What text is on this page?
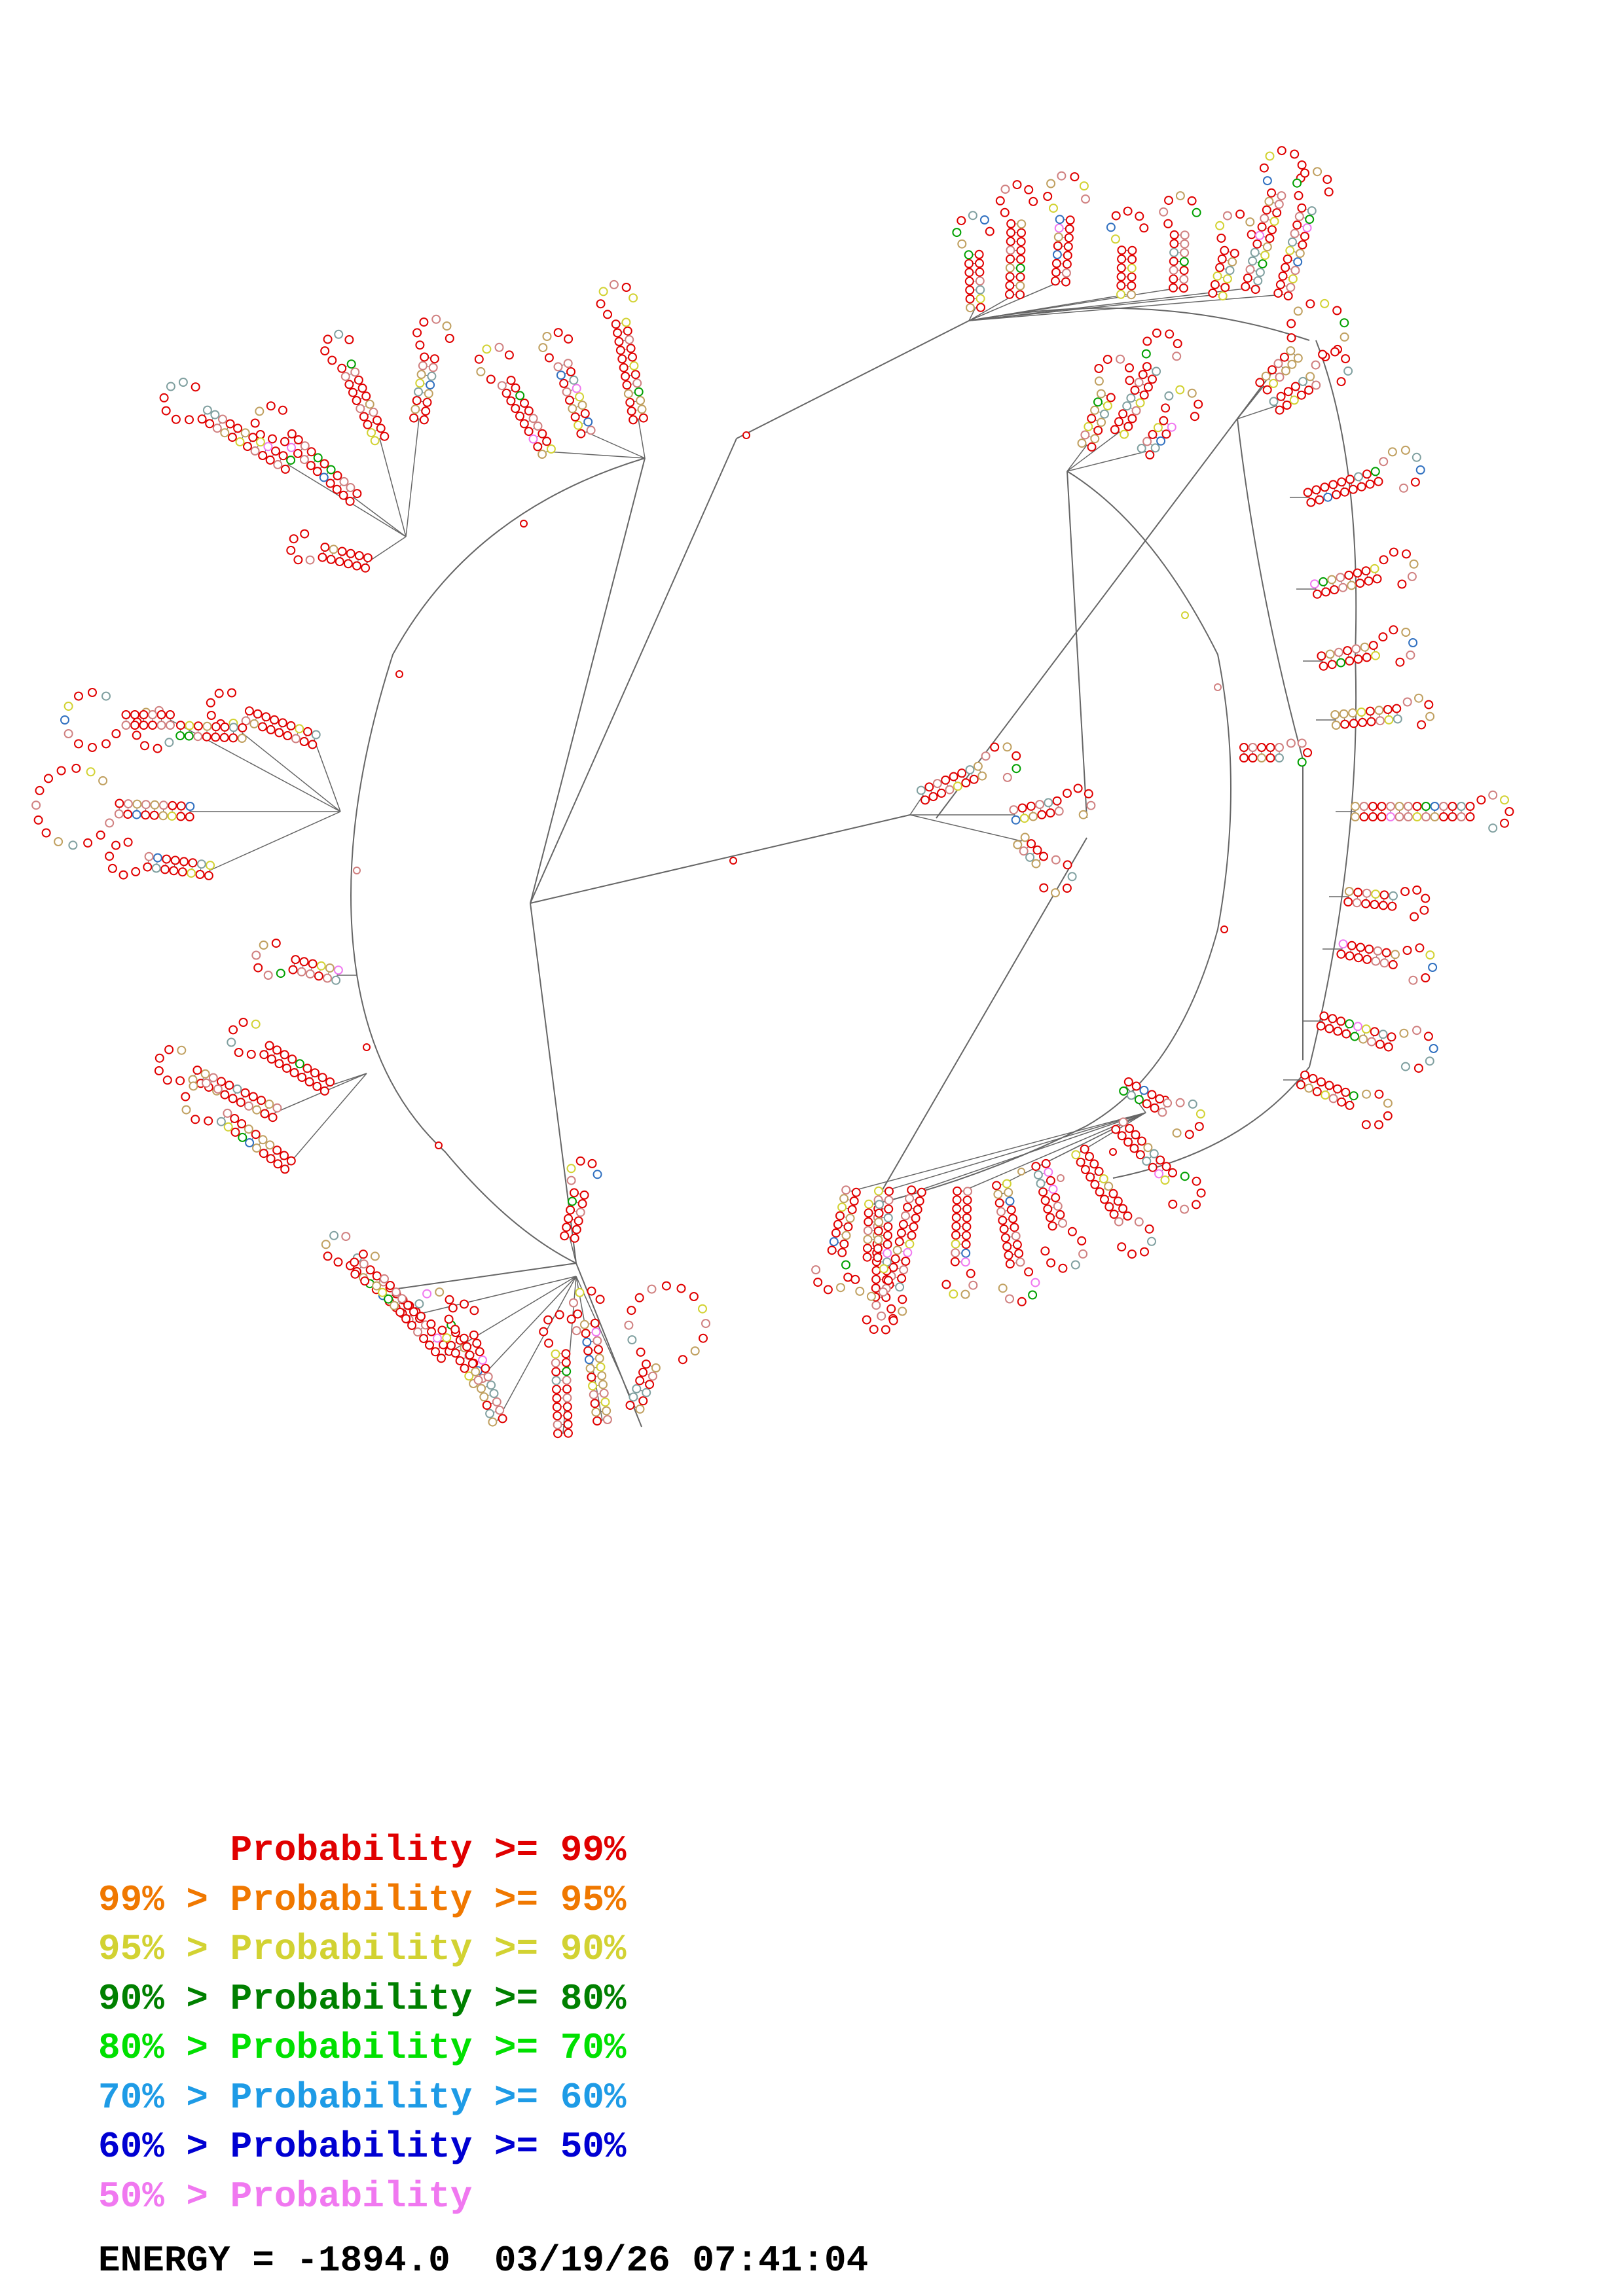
Probability >= 99%
99% > Probability >= 95%
95% > Probability >= 90%
90% > Probability >= 80%
80% > Probability >= 70%
70% > Probability >= 60%
60% > Probability >= 50%
50% > Probability
ENERGY = -1894.0 03/19/26 07:41:04
